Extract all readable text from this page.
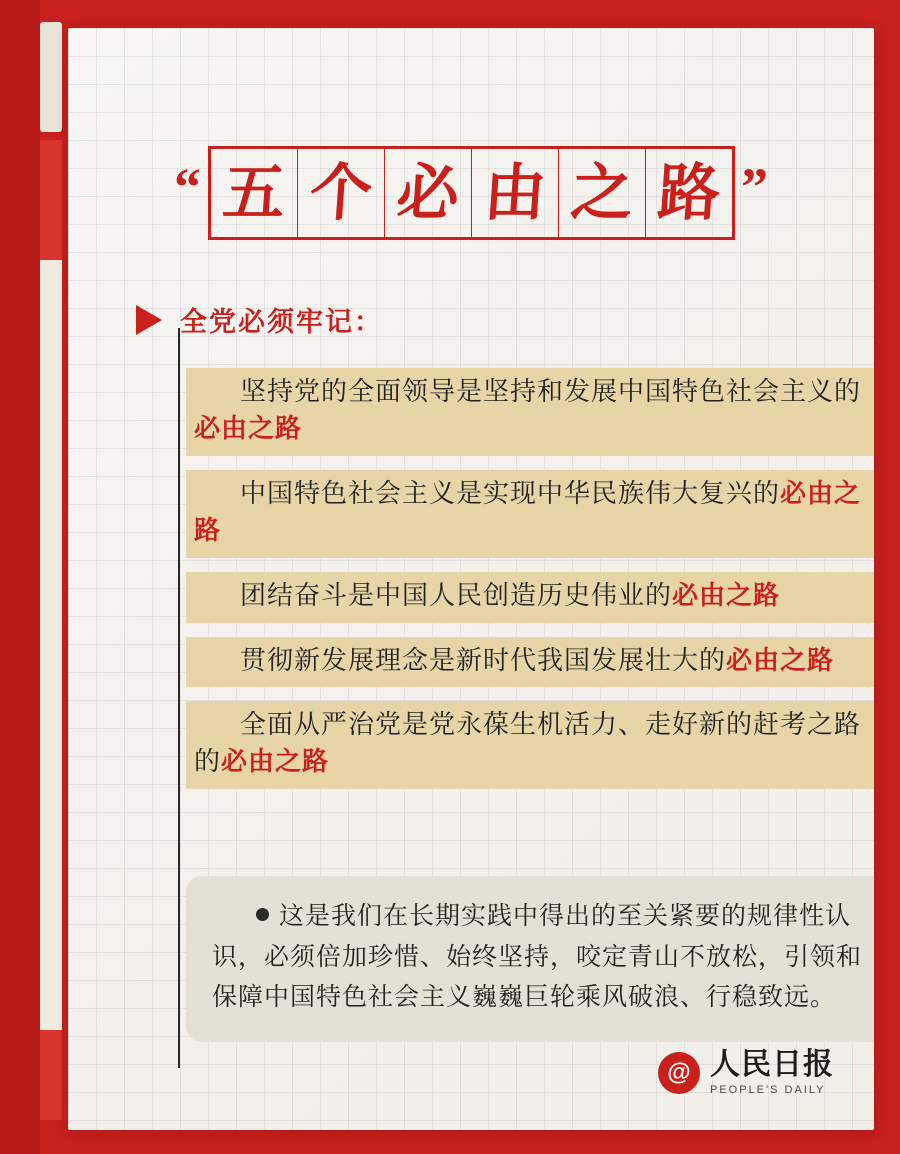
“ 五	个	必	由	之	路 ”
全党必须牢记：
坚持党的全面领导是坚持和发展中国特色社会主义的必由之路
中国特色社会主义是实现中华民族伟大复兴的必由之路
团结奋斗是中国人民创造历史伟业的必由之路
贯彻新发展理念是新时代我国发展壮大的必由之路
全面从严治党是党永葆生机活力、走好新的赶考之路的必由之路
这是我们在长期实践中得出的至关紧要的规律性认识，必须倍加珍惜、始终坚持，咬定青山不放松，引领和保障中国特色社会主义巍巍巨轮乘风破浪、行稳致远。
@ 人民日报
PEOPLE'S DAILY
